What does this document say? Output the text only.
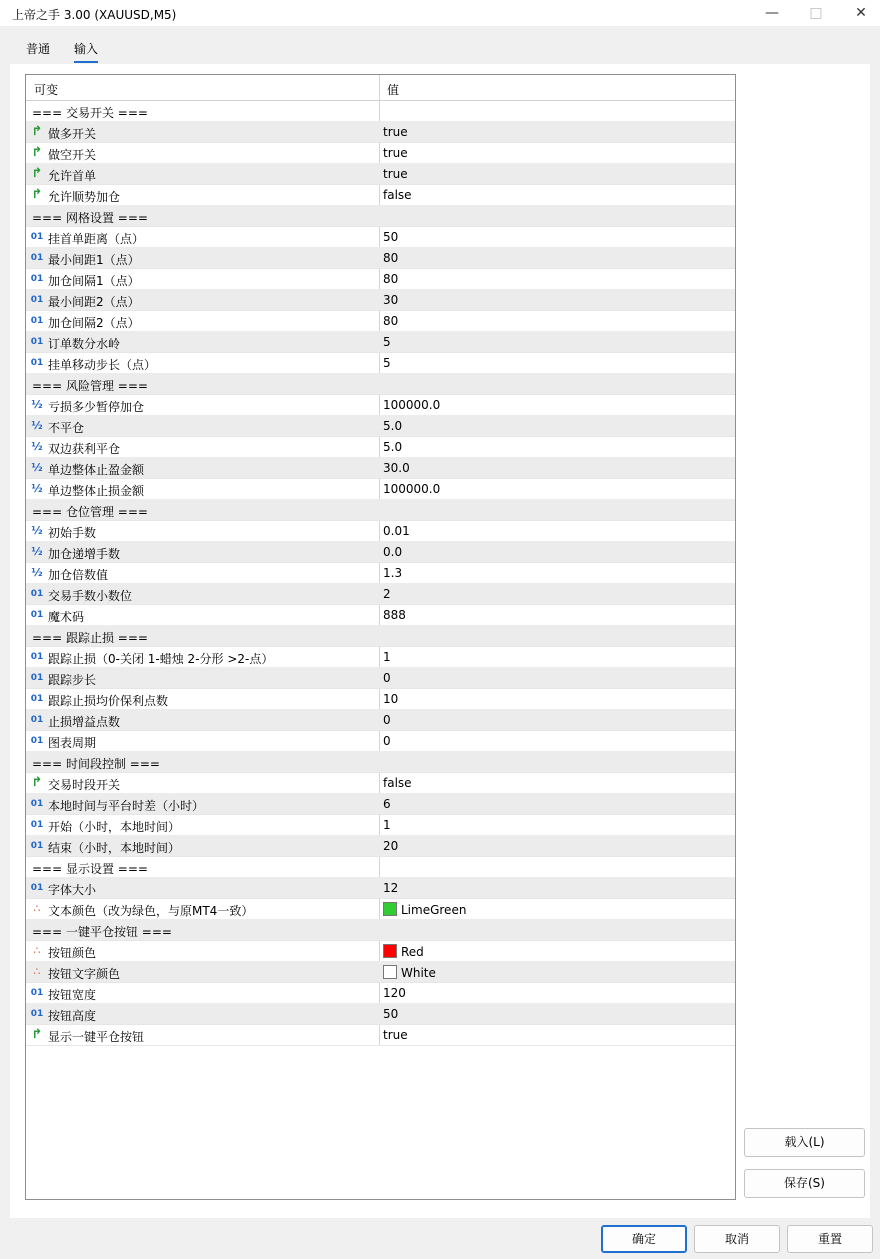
上帝之手 3.00 (XAUUSD,M5)	— □ ✕
普通 输入
可变	值
=== 交易开关 ===
↱ 做多开关	true
↱ 做空开关	true
↱ 允许首单	true
↱ 允许顺势加仓	false
=== 网格设置 ===
01 挂首单距离（点）	50
01 最小间距1（点）	80
01 加仓间隔1（点）	80
01 最小间距2（点）	30
01 加仓间隔2（点）	80
01 订单数分水岭	5
01 挂单移动步长（点）	5
=== 风险管理 ===
½ 亏损多少暂停加仓	100000.0
½ 不平仓	5.0
½ 双边获利平仓	5.0
½ 单边整体止盈金额	30.0
½ 单边整体止损金额	100000.0
=== 仓位管理 ===
½ 初始手数	0.01
½ 加仓递增手数	0.0
½ 加仓倍数值	1.3
01 交易手数小数位	2
01 魔术码	888
=== 跟踪止损 ===
01 跟踪止损（0-关闭 1-蜡烛 2-分形 >2-点）	1
01 跟踪步长	0
01 跟踪止损均价保利点数	10
01 止损增益点数	0
01 图表周期	0
=== 时间段控制 ===
↱ 交易时段开关	false
01 本地时间与平台时差（小时）	6
01 开始（小时，本地时间）	1
01 结束（小时，本地时间）	20
=== 显示设置 ===
01 字体大小	12
∴ 文本颜色（改为绿色，与原MT4一致）	LimeGreen
=== 一键平仓按钮 ===
∴ 按钮颜色	Red
∴ 按钮文字颜色	White
01 按钮宽度	120
01 按钮高度	50
↱ 显示一键平仓按钮	true
载入(L)
保存(S)
确定	取消	重置
